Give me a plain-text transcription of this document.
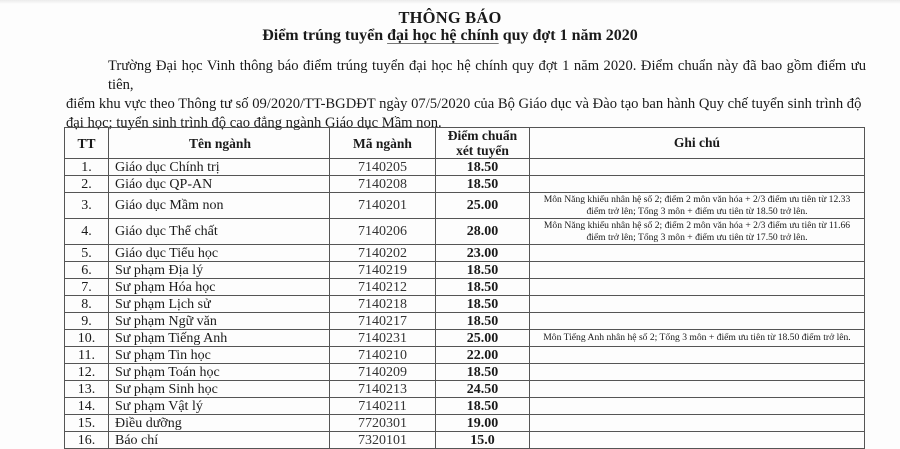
THÔNG BÁO
Điểm trúng tuyển đại học hệ chính quy đợt 1 năm 2020
Trường Đại học Vinh thông báo điểm trúng tuyển đại học hệ chính quy đợt 1 năm 2020. Điểm chuẩn này đã bao gồm điểm ưu tiên,
điểm khu vực theo Thông tư số 09/2020/TT-BGDĐT ngày 07/5/2020 của Bộ Giáo dục và Đào tạo ban hành Quy chế tuyển sinh trình độ
đại học; tuyển sinh trình độ cao đẳng ngành Giáo dục Mầm non.
TT	Tên ngành	Mã ngành	Điểm chuẩn
xét tuyển	Ghi chú
1.	Giáo dục Chính trị	7140205	18.50	
2.	Giáo dục QP-AN	7140208	18.50	
3.	Giáo dục Mầm non	7140201	25.00	Môn Năng khiếu nhân hệ số 2; điểm 2 môn văn hóa + 2/3 điểm ưu tiên từ 12.33
điểm trở lên; Tổng 3 môn + điểm ưu tiên từ 18.50 trở lên.
4.	Giáo dục Thể chất	7140206	28.00	Môn Năng khiếu nhân hệ số 2; điểm 2 môn văn hóa + 2/3 điểm ưu tiên từ 11.66
điểm trở lên; Tổng 3 môn + điểm ưu tiên từ 17.50 trở lên.
5.	Giáo dục Tiểu học	7140202	23.00	
6.	Sư phạm Địa lý	7140219	18.50	
7.	Sư phạm Hóa học	7140212	18.50	
8.	Sư phạm Lịch sử	7140218	18.50	
9.	Sư phạm Ngữ văn	7140217	18.50	
10.	Sư phạm Tiếng Anh	7140231	25.00	Môn Tiếng Anh nhân hệ số 2; Tổng 3 môn + điểm ưu tiên từ 18.50 điểm trở lên.
11.	Sư phạm Tin học	7140210	22.00	
12.	Sư phạm Toán học	7140209	18.50	
13.	Sư phạm Sinh học	7140213	24.50	
14.	Sư phạm Vật lý	7140211	18.50	
15.	Điều dưỡng	7720301	19.00	
16.	Báo chí	7320101	15.0	
